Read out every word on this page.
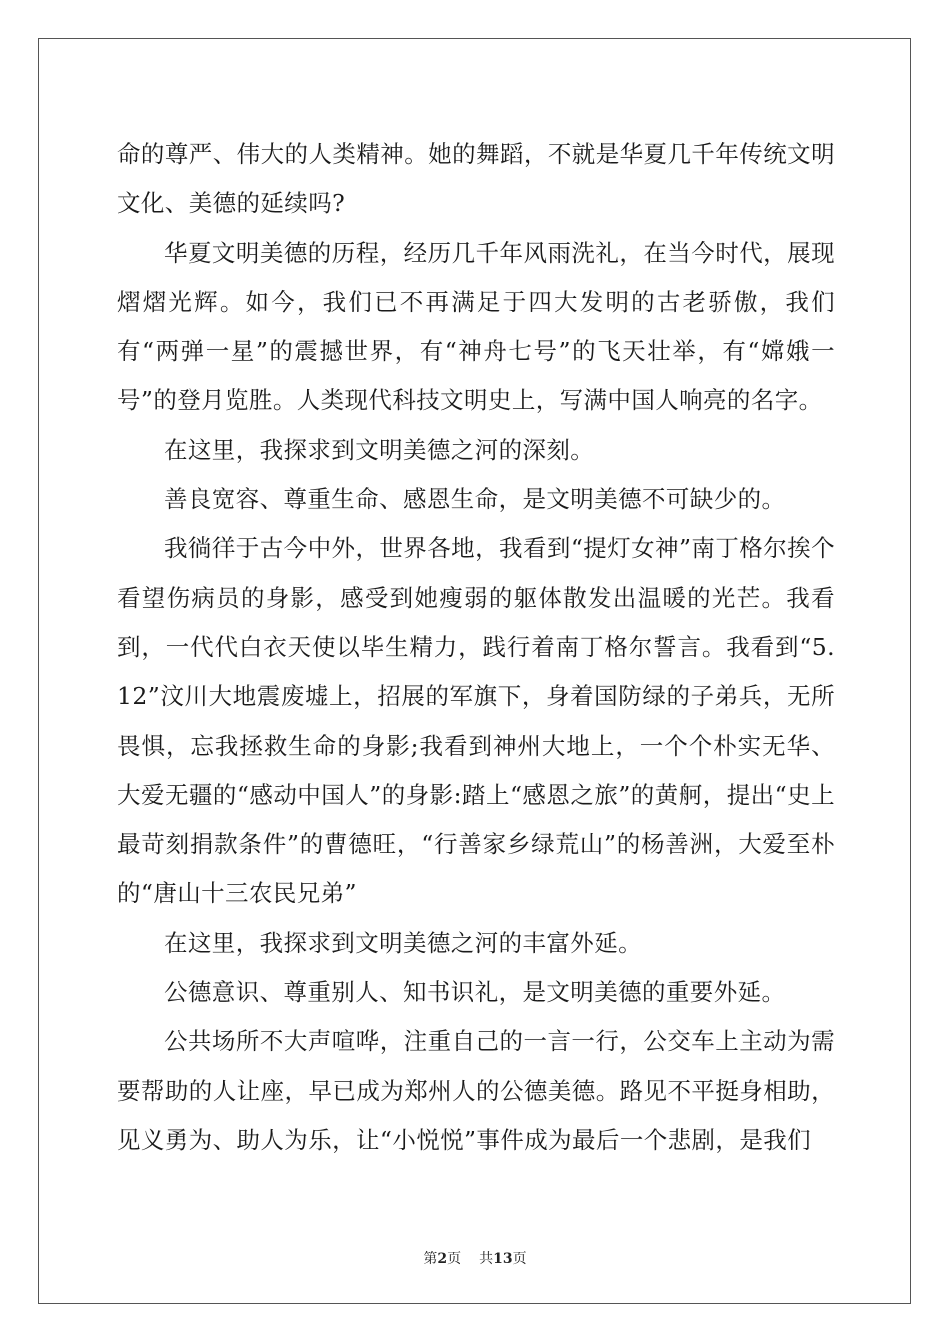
命的尊严、伟大的人类精神。她的舞蹈，不就是华夏几千年传统文明文化、美德的延续吗?

华夏文明美德的历程，经历几千年风雨洗礼，在当今时代，展现熠熠光辉。如今，我们已不再满足于四大发明的古老骄傲，我们有“两弹一星”的震撼世界，有“神舟七号”的飞天壮举，有“嫦娥一号”的登月览胜。人类现代科技文明史上，写满中国人响亮的名字。

在这里，我探求到文明美德之河的深刻。

善良宽容、尊重生命、感恩生命，是文明美德不可缺少的。

我徜徉于古今中外，世界各地，我看到“提灯女神”南丁格尔挨个看望伤病员的身影，感受到她瘦弱的躯体散发出温暖的光芒。我看到，一代代白衣天使以毕生精力，践行着南丁格尔誓言。我看到“5.12”汶川大地震废墟上，招展的军旗下，身着国防绿的子弟兵，无所畏惧，忘我拯救生命的身影;我看到神州大地上，一个个朴实无华、大爱无疆的“感动中国人”的身影:踏上“感恩之旅”的黄舸，提出“史上最苛刻捐款条件”的曹德旺，“行善家乡绿荒山”的杨善洲，大爱至朴的“唐山十三农民兄弟”

在这里，我探求到文明美德之河的丰富外延。

公德意识、尊重别人、知书识礼，是文明美德的重要外延。

公共场所不大声喧哗，注重自己的一言一行，公交车上主动为需要帮助的人让座，早已成为郑州人的公德美德。路见不平挺身相助，见义勇为、助人为乐，让“小悦悦”事件成为最后一个悲剧，是我们

第2页 共13页
